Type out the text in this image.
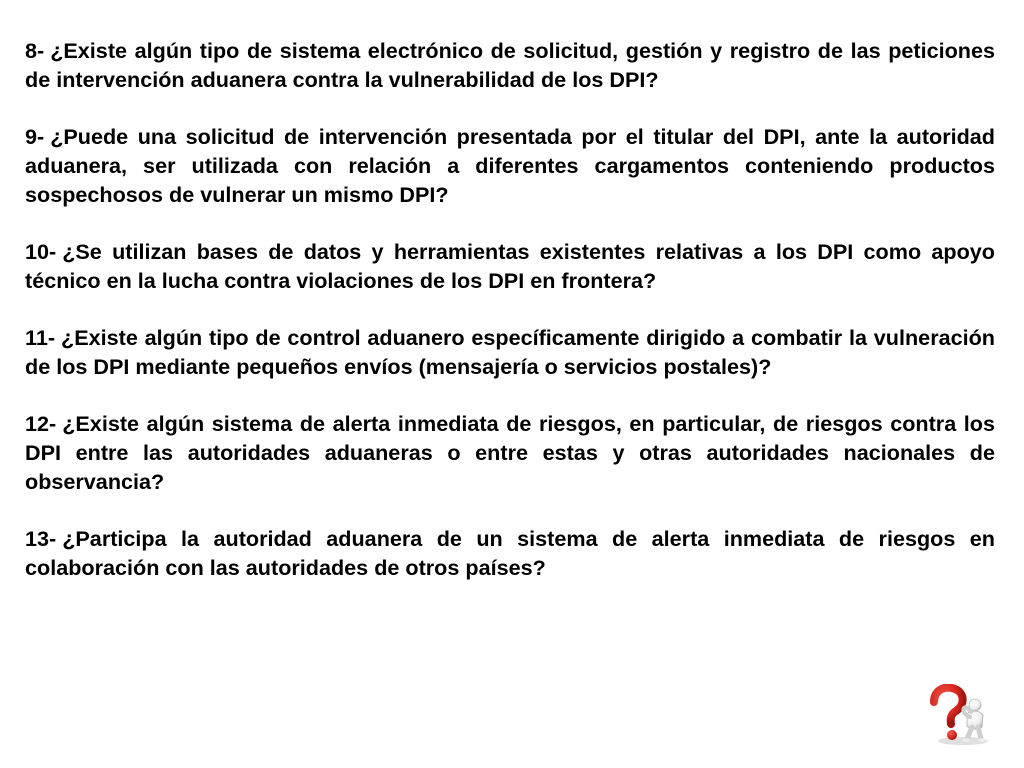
8- ¿Existe algún tipo de sistema electrónico de solicitud, gestión y registro de las peticiones de intervención aduanera contra la vulnerabilidad de los DPI?
9- ¿Puede una solicitud de intervención presentada por el titular del DPI, ante la autoridad aduanera, ser utilizada con relación a diferentes cargamentos conteniendo productos sospechosos de vulnerar un mismo DPI?
10- ¿Se utilizan bases de datos y herramientas existentes relativas a los DPI como apoyo técnico en la lucha contra violaciones de los DPI en frontera?
11- ¿Existe algún tipo de control aduanero específicamente dirigido a combatir la vulneración de los DPI mediante pequeños envíos (mensajería o servicios postales)?
12- ¿Existe algún sistema de alerta inmediata de riesgos, en particular, de riesgos contra los DPI entre las autoridades aduaneras o entre estas y otras autoridades nacionales de observancia?
13- ¿Participa la autoridad aduanera de un sistema de alerta inmediata de riesgos en colaboración con las autoridades de otros países?
